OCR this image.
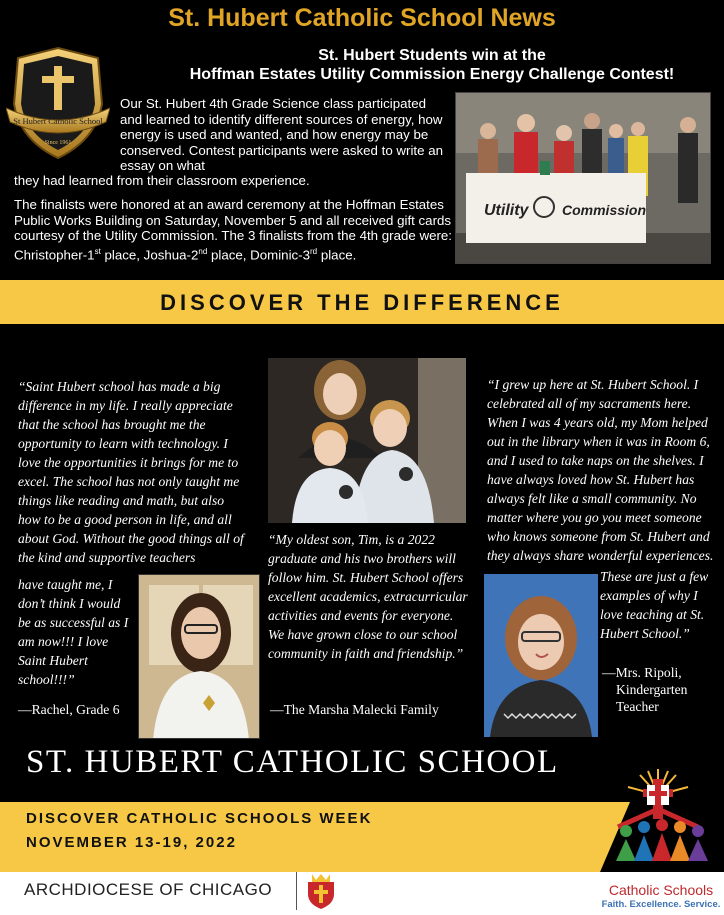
St. Hubert Catholic School News
St Hubert Catholic School
Since 1961
St. Hubert Students win at the
Hoffman Estates Utility Commission Energy Challenge Contest!
Our St. Hubert 4th Grade Science class participated and learned to identify different sources of energy, how energy is used and wanted, and how energy may be conserved. Contest participants were asked to write an essay on what
they had learned from their classroom experience.
The finalists were honored at an award ceremony at the Hoffman Estates Public Works Building on Saturday, November 5 and all received gift cards courtesy of the Utility Commission. The 3 finalists from the 4th grade were: Christopher-1st place, Joshua-2nd place, Dominic-3rd place.
Utility Commission
DISCOVER THE DIFFERENCE
“Saint Hubert school has made a big difference in my life. I really appreciate that the school has brought me the opportunity to learn with technology. I love the opportunities it brings for me to excel. The school has not only taught me things like reading and math, but also how to be a good person in life, and all about God. Without the good things all of the kind and supportive teachers
have taught me, I don’t think I would be as successful as I am now!!! I love Saint Hubert school!!!”
—Rachel, Grade 6
“My oldest son, Tim, is a 2022 graduate and his two brothers will follow him. St. Hubert School offers excellent academics, extracurricular activities and events for everyone. We have grown close to our school community in faith and friendship.”
—The Marsha Malecki Family
“I grew up here at St. Hubert School. I celebrated all of my sacraments here. When I was 4 years old, my Mom helped out in the library when it was in Room 6, and I used to take naps on the shelves. I have always loved how St. Hubert has always felt like a small community. No matter where you go you meet someone who knows someone from St. Hubert and they always share wonderful experiences.
These are just a few examples of why I love teaching at St. Hubert School.”
—Mrs. Ripoli,
Kindergarten
Teacher
ST. HUBERT CATHOLIC SCHOOL
DISCOVER CATHOLIC SCHOOLS WEEK
NOVEMBER 13-19, 2022
ARCHDIOCESE OF CHICAGO	Catholic Schools
Faith. Excellence. Service.
